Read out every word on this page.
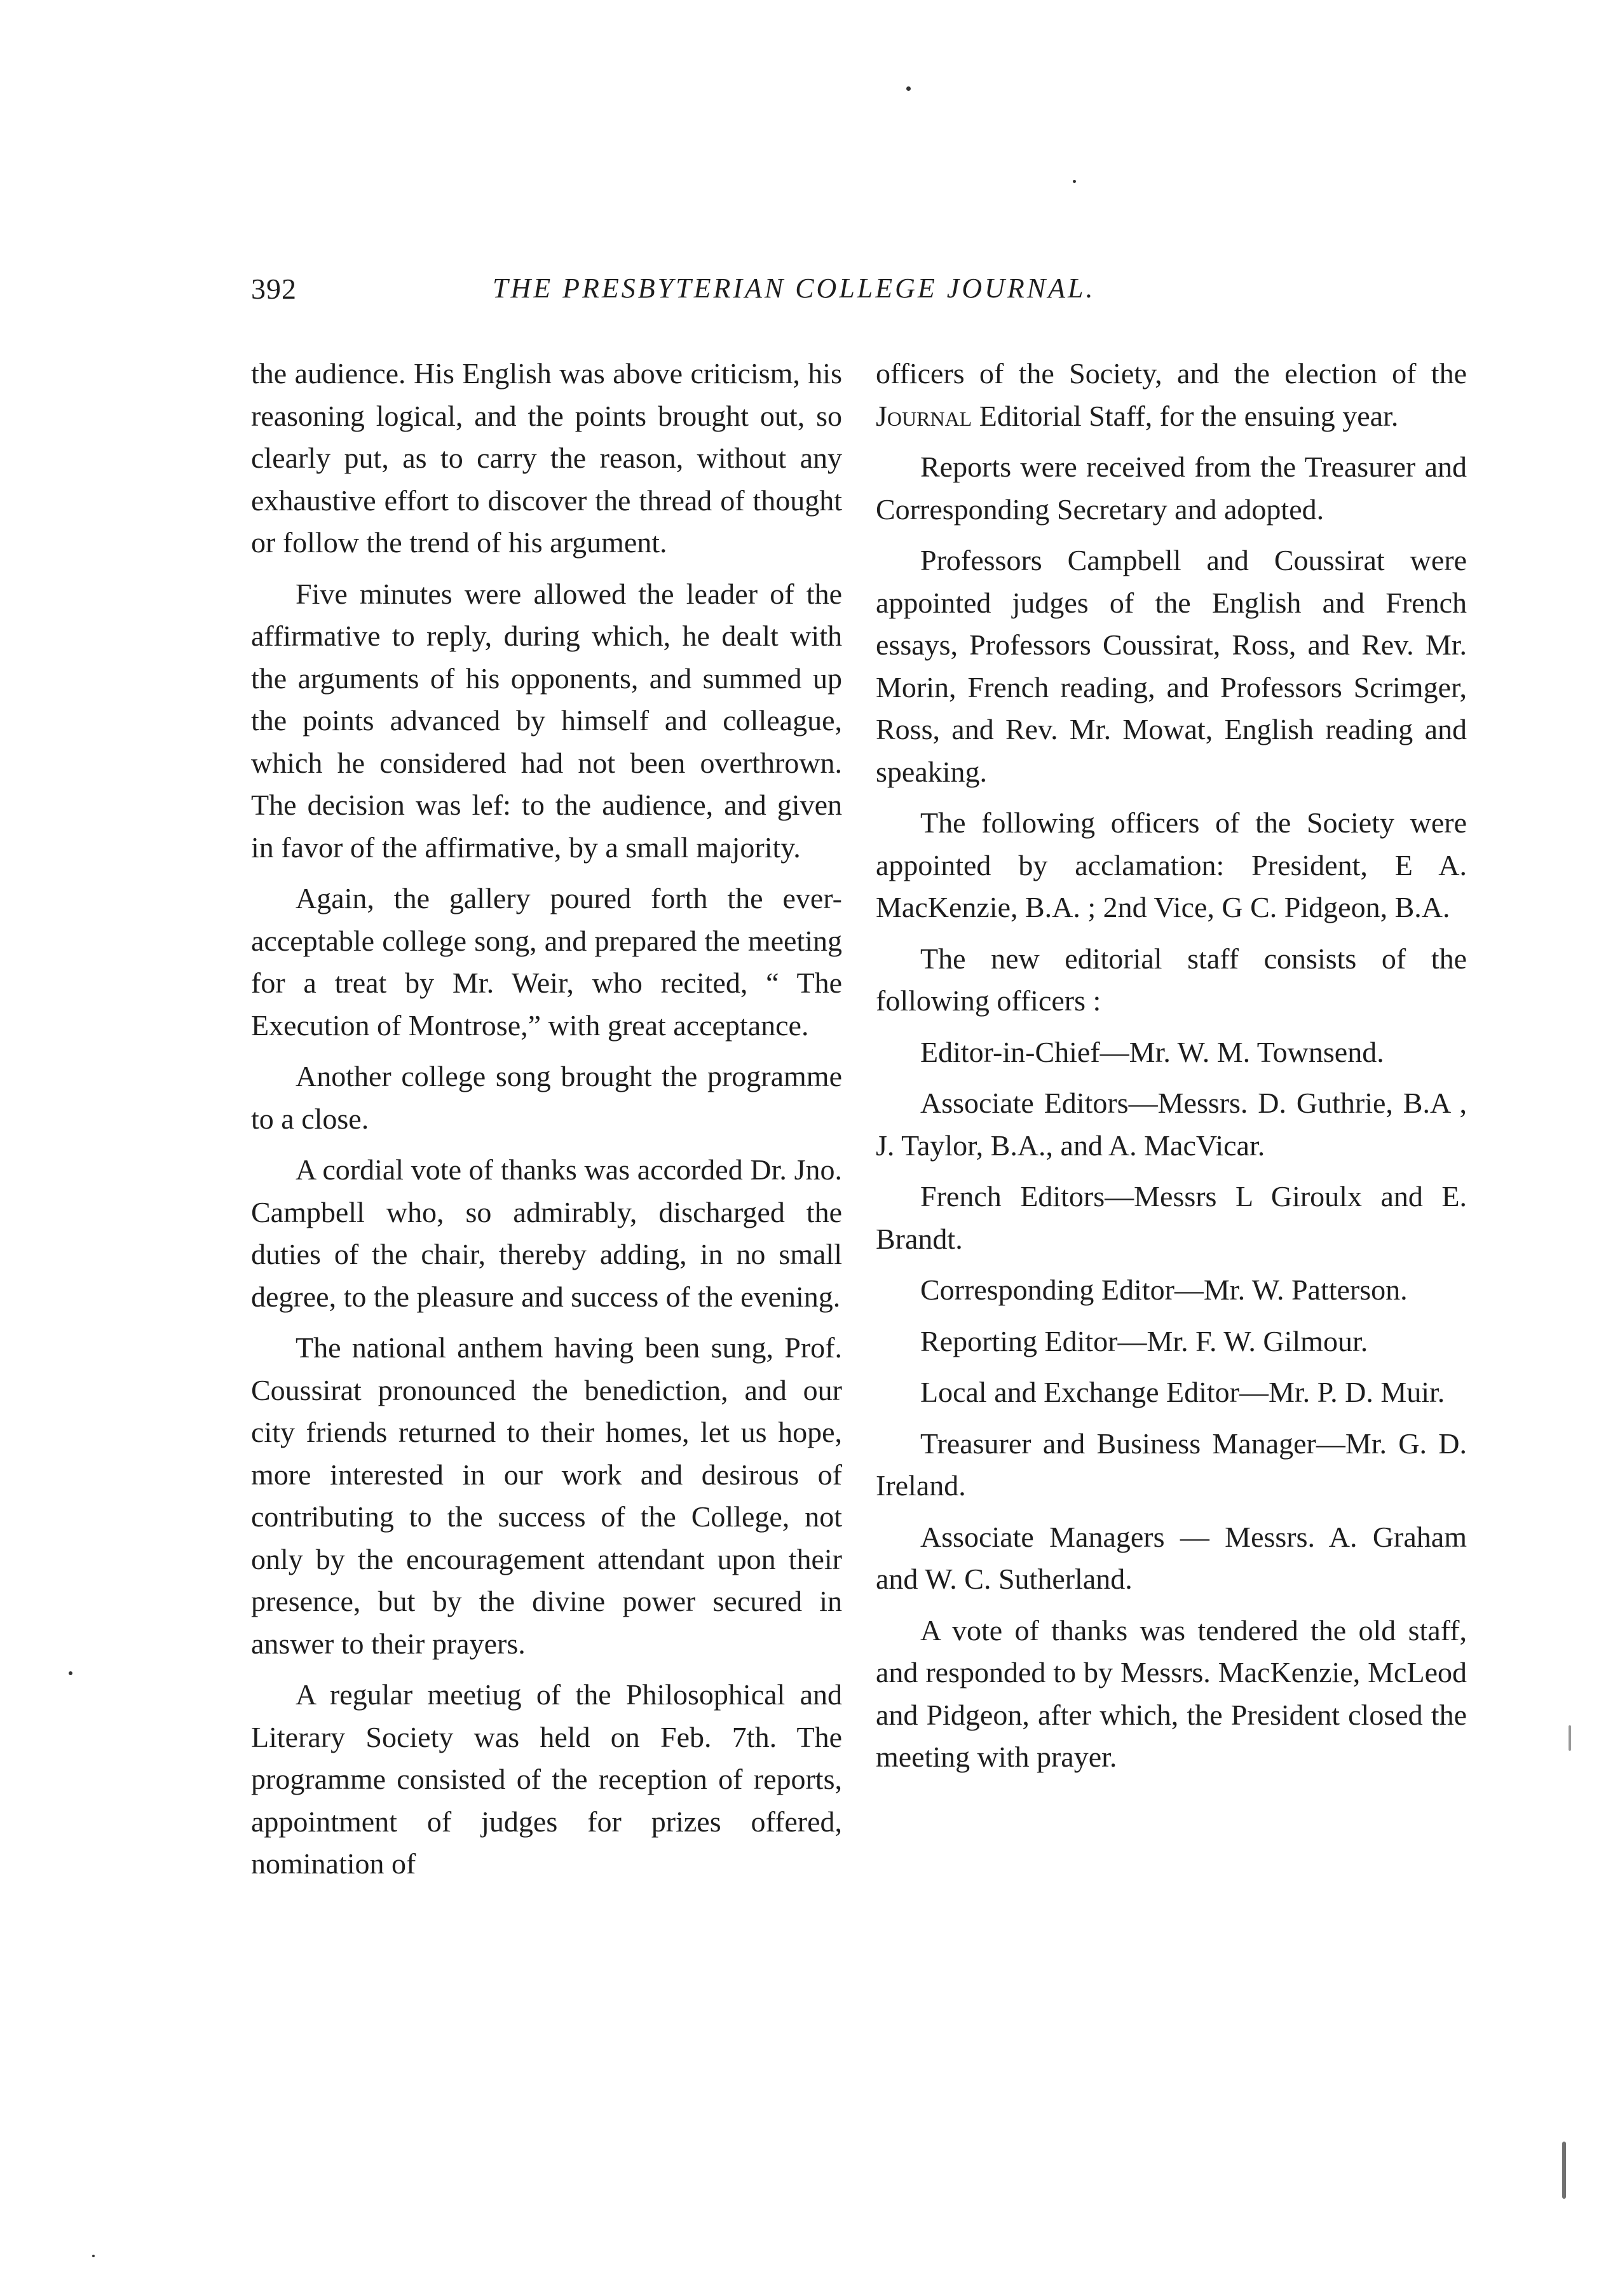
392	THE PRESBYTERIAN COLLEGE JOURNAL.

the audience. His English was above criticism, his reasoning logical, and the points brought out, so clearly put, as to carry the reason, without any exhaustive effort to discover the thread of thought or follow the trend of his argument.

Five minutes were allowed the leader of the affirmative to reply, during which, he dealt with the arguments of his opponents, and summed up the points advanced by himself and colleague, which he considered had not been overthrown. The decision was lef: to the audience, and given in favor of the affirmative, by a small majority.

Again, the gallery poured forth the ever-acceptable college song, and prepared the meeting for a treat by Mr. Weir, who recited, “ The Execution of Montrose,” with great acceptance.

Another college song brought the programme to a close.

A cordial vote of thanks was accorded Dr. Jno. Campbell who, so admirably, discharged the duties of the chair, thereby adding, in no small degree, to the pleasure and success of the evening.

The national anthem having been sung, Prof. Coussirat pronounced the benediction, and our city friends returned to their homes, let us hope, more interested in our work and desirous of contributing to the success of the College, not only by the encouragement attendant upon their presence, but by the divine power secured in answer to their prayers.

A regular meetiug of the Philosophical and Literary Society was held on Feb. 7th. The programme consisted of the reception of reports, appointment of judges for prizes offered, nomination of

officers of the Society, and the election of the Journal Editorial Staff, for the ensuing year.

Reports were received from the Treasurer and Corresponding Secretary and adopted.

Professors Campbell and Coussirat were appointed judges of the English and French essays, Professors Coussirat, Ross, and Rev. Mr. Morin, French reading, and Professors Scrimger, Ross, and Rev. Mr. Mowat, English reading and speaking.

The following officers of the Society were appointed by acclamation: President, E A. MacKenzie, B.A. ; 2nd Vice, G C. Pidgeon, B.A.

The new editorial staff consists of the following officers :

Editor-in-Chief—Mr. W. M. Townsend.

Associate Editors—Messrs. D. Guthrie, B.A , J. Taylor, B.A., and A. MacVicar.

French Editors—Messrs L Giroulx and E. Brandt.

Corresponding Editor—Mr. W. Patterson.

Reporting Editor—Mr. F. W. Gilmour.

Local and Exchange Editor—Mr. P. D. Muir.

Treasurer and Business Manager—Mr. G. D. Ireland.

Associate Managers — Messrs. A. Graham and W. C. Sutherland.

A vote of thanks was tendered the old staff, and responded to by Messrs. MacKenzie, McLeod and Pidgeon, after which, the President closed the meeting with prayer.
